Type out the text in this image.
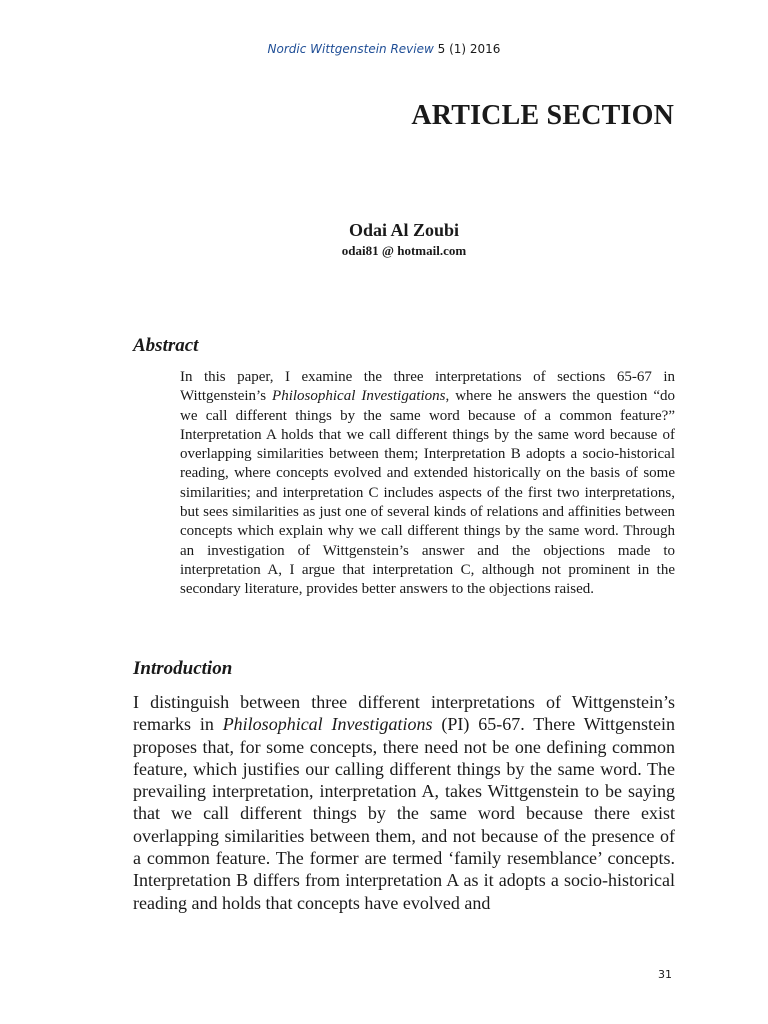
Nordic Wittgenstein Review 5 (1) 2016
ARTICLE SECTION
Odai Al Zoubi
odai81 @ hotmail.com
Abstract

In this paper, I examine the three interpretations of sections 65-67 in Wittgenstein’s Philosophical Investigations, where he answers the question “do we call different things by the same word because of a common feature?” Interpretation A holds that we call different things by the same word because of overlapping similarities between them; Interpretation B adopts a socio-historical reading, where concepts evolved and extended historically on the basis of some similarities; and interpretation C includes aspects of the first two interpretations, but sees similarities as just one of several kinds of relations and affinities between concepts which explain why we call different things by the same word. Through an investigation of Wittgenstein’s answer and the objections made to interpretation A, I argue that interpretation C, although not prominent in the secondary literature, provides better answers to the objections raised.

Introduction

I distinguish between three different interpretations of Wittgenstein’s remarks in Philosophical Investigations (PI) 65-67. There Wittgenstein proposes that, for some concepts, there need not be one defining common feature, which justifies our calling different things by the same word. The prevailing interpretation, interpretation A, takes Wittgenstein to be saying that we call different things by the same word because there exist overlapping similarities between them, and not because of the presence of a common feature. The former are termed ‘family resemblance’ concepts. Interpretation B differs from interpretation A as it adopts a socio-historical reading and holds that concepts have evolved and

31
